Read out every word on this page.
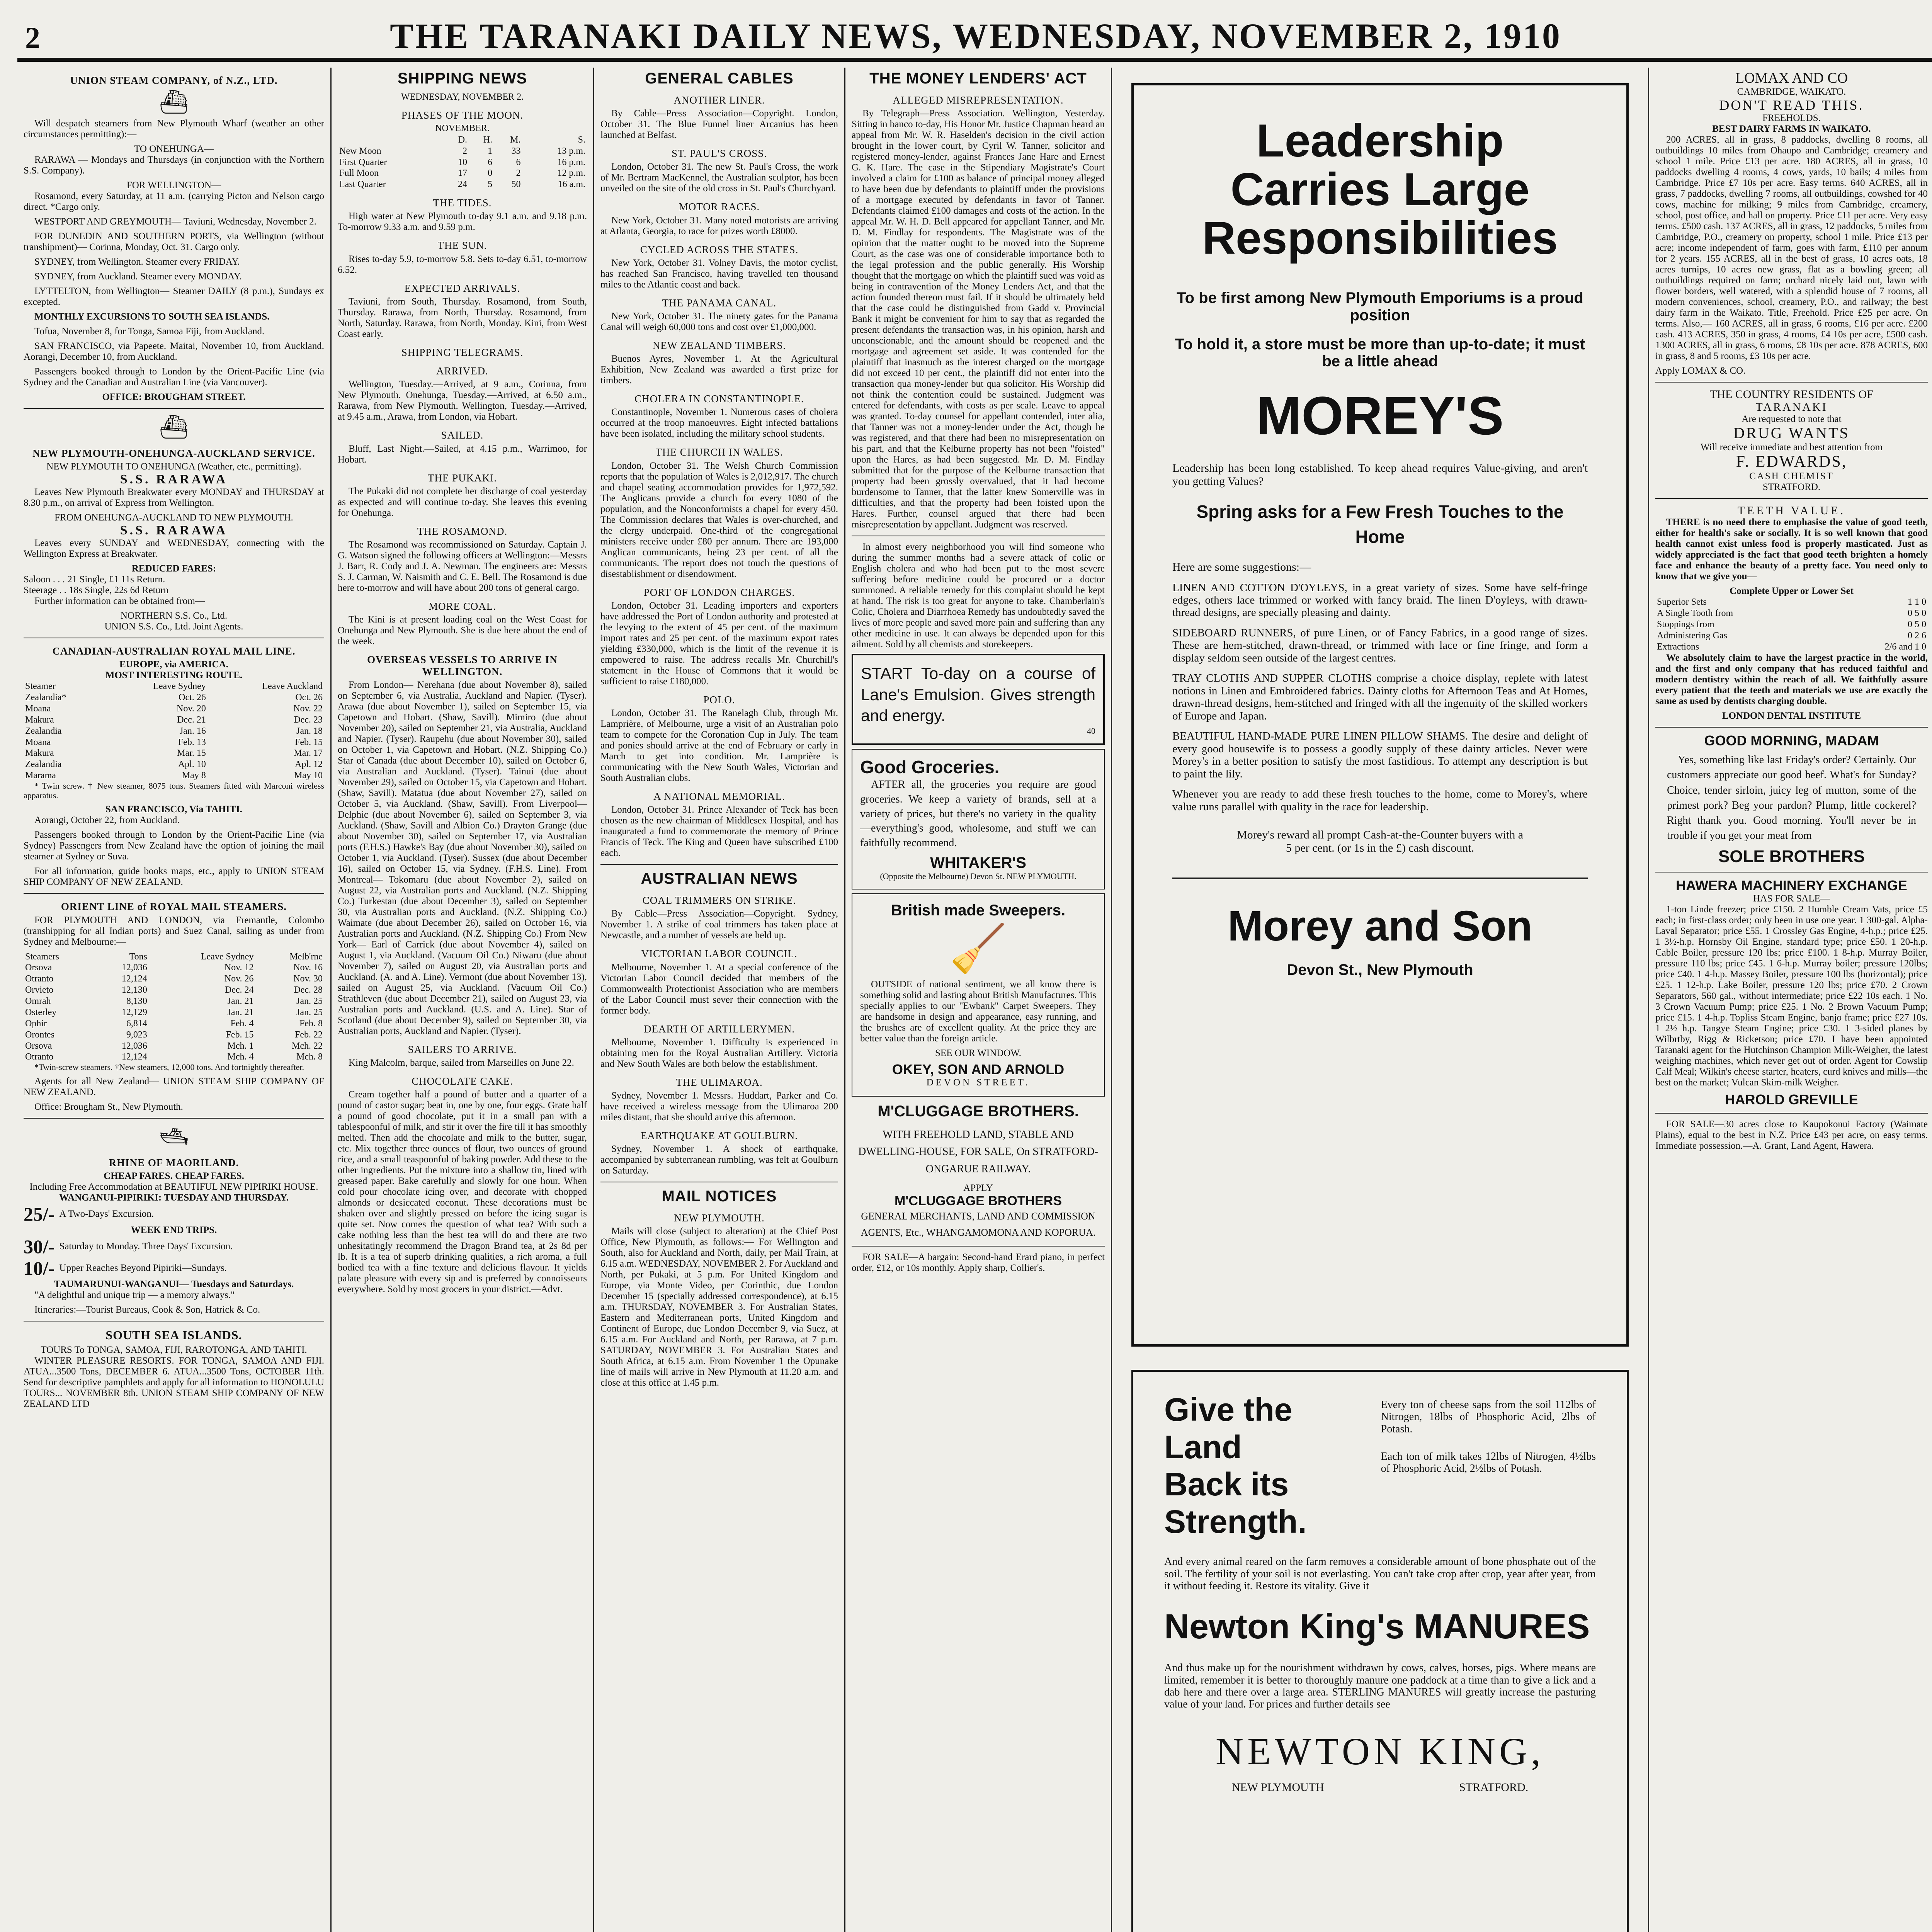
2	THE TARANAKI DAILY NEWS, WEDNESDAY, NOVEMBER 2, 1910
UNION STEAM COMPANY, of N.Z., LTD.
⛴
Will despatch steamers from New Plymouth Wharf (weather an other circumstances permitting):—
TO ONEHUNGA—
RARAWA — Mondays and Thursdays (in conjunction with the Northern S.S. Company).
FOR WELLINGTON—
Rosamond, every Saturday, at 11 a.m. (carrying Picton and Nelson cargo direct. *Cargo only.
WESTPORT AND GREYMOUTH— Taviuni, Wednesday, November 2.
FOR DUNEDIN AND SOUTHERN PORTS, via Wellington (without transhipment)— Corinna, Monday, Oct. 31. Cargo only.
SYDNEY, from Wellington. Steamer every FRIDAY.
SYDNEY, from Auckland. Steamer every MONDAY.
LYTTELTON, from Wellington— Steamer DAILY (8 p.m.), Sundays ex excepted.
MONTHLY EXCURSIONS TO SOUTH SEA ISLANDS.
Tofua, November 8, for Tonga, Samoa Fiji, from Auckland.
SAN FRANCISCO, via Papeete. Maitai, November 10, from Auckland. Aorangi, December 10, from Auckland.
Passengers booked through to London by the Orient-Pacific Line (via Sydney and the Canadian and Australian Line (via Vancouver).
OFFICE: BROUGHAM STREET.
⛴
NEW PLYMOUTH-ONEHUNGA-AUCKLAND SERVICE.
NEW PLYMOUTH TO ONEHUNGA (Weather, etc., permitting).
S.S. RARAWA
Leaves New Plymouth Breakwater every MONDAY and THURSDAY at 8.30 p.m., on arrival of Express from Wellington.
FROM ONEHUNGA-AUCKLAND TO NEW PLYMOUTH.
S.S. RARAWA
Leaves every SUNDAY and WEDNESDAY, connecting with the Wellington Express at Breakwater.
REDUCED FARES:
Saloon . . . 21 Single, £1 11s Return.
Steerage . . 18s Single, 22s 6d Return
Further information can be obtained from—
NORTHERN S.S. Co., Ltd.
UNION S.S. Co., Ltd. Joint Agents.
CANADIAN-AUSTRALIAN ROYAL MAIL LINE.
EUROPE, via AMERICA.
MOST INTERESTING ROUTE.
Steamer	Leave Sydney	Leave Auckland
Zealandia*	Oct. 26	Oct. 26
Moana	Nov. 20	Nov. 22
Makura	Dec. 21	Dec. 23
Zealandia	Jan. 16	Jan. 18
Moana	Feb. 13	Feb. 15
Makura	Mar. 15	Mar. 17
Zealandia	Apl. 10	Apl. 12
Marama	May 8	May 10
* Twin screw. † New steamer, 8075 tons. Steamers fitted with Marconi wireless apparatus.
SAN FRANCISCO, Via TAHITI.
Aorangi, October 22, from Auckland.
Passengers booked through to London by the Orient-Pacific Line (via Sydney) Passengers from New Zealand have the option of joining the mail steamer at Sydney or Suva.
For all information, guide books maps, etc., apply to UNION STEAM SHIP COMPANY OF NEW ZEALAND.
ORIENT LINE of ROYAL MAIL STEAMERS.
FOR PLYMOUTH AND LONDON, via Fremantle, Colombo (transhipping for all Indian ports) and Suez Canal, sailing as under from Sydney and Melbourne:—
Steamers	Tons	Leave Sydney	Melb'rne
Orsova	12,036	Nov. 12	Nov. 16
Otranto	12,124	Nov. 26	Nov. 30
Orvieto	12,130	Dec. 24	Dec. 28
Omrah	8,130	Jan. 21	Jan. 25
Osterley	12,129	Jan. 21	Jan. 25
Ophir	6,814	Feb. 4	Feb. 8
Orontes	9,023	Feb. 15	Feb. 22
Orsova	12,036	Mch. 1	Mch. 22
Otranto	12,124	Mch. 4	Mch. 8
*Twin-screw steamers. †New steamers, 12,000 tons. And fortnightly thereafter.
Agents for all New Zealand— UNION STEAM SHIP COMPANY OF NEW ZEALAND.
Office: Brougham St., New Plymouth.
🛥
RHINE OF MAORILAND.
CHEAP FARES. CHEAP FARES.
Including Free Accommodation at BEAUTIFUL NEW PIPIRIKI HOUSE.
WANGANUI-PIPIRIKI: TUESDAY AND THURSDAY.
25/- A Two-Days' Excursion.
WEEK END TRIPS.
30/- Saturday to Monday. Three Days' Excursion.
10/- Upper Reaches Beyond Pipiriki—Sundays.
TAUMARUNUI-WANGANUI— Tuesdays and Saturdays.
"A delightful and unique trip — a memory always."
Itineraries:—Tourist Bureaus, Cook & Son, Hatrick & Co.
SOUTH SEA ISLANDS.
TOURS To TONGA, SAMOA, FIJI, RAROTONGA, AND TAHITI.
WINTER PLEASURE RESORTS. FOR TONGA, SAMOA AND FIJI. ATUA...3500 Tons, DECEMBER 6. ATUA...3500 Tons, OCTOBER 11th. Send for descriptive pamphlets and apply for all information to HONOLULU TOURS... NOVEMBER 8th. UNION STEAM SHIP COMPANY OF NEW ZEALAND LTD
SHIPPING NEWS
WEDNESDAY, NOVEMBER 2.
PHASES OF THE MOON.
NOVEMBER.
	D.	H.	M.	S.
New Moon	2	1	33	13 p.m.
First Quarter	10	6	6	16 p.m.
Full Moon	17	0	2	12 p.m.
Last Quarter	24	5	50	16 a.m.
THE TIDES.
High water at New Plymouth to-day 9.1 a.m. and 9.18 p.m. To-morrow 9.33 a.m. and 9.59 p.m.
THE SUN.
Rises to-day 5.9, to-morrow 5.8. Sets to-day 6.51, to-morrow 6.52.
EXPECTED ARRIVALS.
Taviuni, from South, Thursday. Rosamond, from South, Thursday. Rarawa, from North, Thursday. Rosamond, from North, Saturday. Rarawa, from North, Monday. Kini, from West Coast early.
SHIPPING TELEGRAMS.
ARRIVED.
Wellington, Tuesday.—Arrived, at 9 a.m., Corinna, from New Plymouth. Onehunga, Tuesday.—Arrived, at 6.50 a.m., Rarawa, from New Plymouth. Wellington, Tuesday.—Arrived, at 9.45 a.m., Arawa, from London, via Hobart.
SAILED.
Bluff, Last Night.—Sailed, at 4.15 p.m., Warrimoo, for Hobart.
THE PUKAKI.
The Pukaki did not complete her discharge of coal yesterday as expected and will continue to-day. She leaves this evening for Onehunga.
THE ROSAMOND.
The Rosamond was recommissioned on Saturday. Captain J. G. Watson signed the following officers at Wellington:—Messrs J. Barr, R. Cody and J. A. Newman. The engineers are: Messrs S. J. Carman, W. Naismith and C. E. Bell. The Rosamond is due here to-morrow and will have about 200 tons of general cargo.
MORE COAL.
The Kini is at present loading coal on the West Coast for Onehunga and New Plymouth. She is due here about the end of the week.
OVERSEAS VESSELS TO ARRIVE IN WELLINGTON.
From London— Nerehana (due about November 8), sailed on September 6, via Australia, Auckland and Napier. (Tyser). Arawa (due about November 1), sailed on September 15, via Capetown and Hobart. (Shaw, Savill). Mimiro (due about November 20), sailed on September 21, via Australia, Auckland and Napier. (Tyser). Raupehu (due about November 30), sailed on October 1, via Capetown and Hobart. (N.Z. Shipping Co.) Star of Canada (due about December 10), sailed on October 6, via Australian and Auckland. (Tyser). Tainui (due about November 29), sailed on October 15, via Capetown and Hobart. (Shaw, Savill). Matatua (due about November 27), sailed on October 5, via Auckland. (Shaw, Savill). From Liverpool— Delphic (due about November 6), sailed on September 3, via Auckland. (Shaw, Savill and Albion Co.) Drayton Grange (due about November 30), sailed on September 17, via Australian ports (F.H.S.) Hawke's Bay (due about November 30), sailed on October 1, via Auckland. (Tyser). Sussex (due about December 16), sailed on October 15, via Sydney. (F.H.S. Line). From Montreal— Tokomaru (due about November 2), sailed on August 22, via Australian ports and Auckland. (N.Z. Shipping Co.) Turkestan (due about December 3), sailed on September 30, via Australian ports and Auckland. (N.Z. Shipping Co.) Waimate (due about December 26), sailed on October 16, via Australian ports and Auckland. (N.Z. Shipping Co.) From New York— Earl of Carrick (due about November 4), sailed on August 1, via Auckland. (Vacuum Oil Co.) Niwaru (due about November 7), sailed on August 20, via Australian ports and Auckland. (A. and A. Line). Vermont (due about November 13), sailed on August 25, via Auckland. (Vacuum Oil Co.) Strathleven (due about December 21), sailed on August 23, via Australian ports and Auckland. (U.S. and A. Line). Star of Scotland (due about December 9), sailed on September 30, via Australian ports, Auckland and Napier. (Tyser).
SAILERS TO ARRIVE.
King Malcolm, barque, sailed from Marseilles on June 22.
CHOCOLATE CAKE.
Cream together half a pound of butter and a quarter of a pound of castor sugar; beat in, one by one, four eggs. Grate half a pound of good chocolate, put it in a small pan with a tablespoonful of milk, and stir it over the fire till it has smoothly melted. Then add the chocolate and milk to the butter, sugar, etc. Mix together three ounces of flour, two ounces of ground rice, and a small teaspoonful of baking powder. Add these to the other ingredients. Put the mixture into a shallow tin, lined with greased paper. Bake carefully and slowly for one hour. When cold pour chocolate icing over, and decorate with chopped almonds or desiccated coconut. These decorations must be shaken over and slightly pressed on before the icing sugar is quite set. Now comes the question of what tea? With such a cake nothing less than the best tea will do and there are two unhesitatingly recommend the Dragon Brand tea, at 2s 8d per lb. It is a tea of superb drinking qualities, a rich aroma, a full bodied tea with a fine texture and delicious flavour. It yields palate pleasure with every sip and is preferred by connoisseurs everywhere. Sold by most grocers in your district.—Advt.
GENERAL CABLES
ANOTHER LINER.
By Cable—Press Association—Copyright. London, October 31. The Blue Funnel liner Arcanius has been launched at Belfast.
ST. PAUL'S CROSS.
London, October 31. The new St. Paul's Cross, the work of Mr. Bertram MacKennel, the Australian sculptor, has been unveiled on the site of the old cross in St. Paul's Churchyard.
MOTOR RACES.
New York, October 31. Many noted motorists are arriving at Atlanta, Georgia, to race for prizes worth £8000.
CYCLED ACROSS THE STATES.
New York, October 31. Volney Davis, the motor cyclist, has reached San Francisco, having travelled ten thousand miles to the Atlantic coast and back.
THE PANAMA CANAL.
New York, October 31. The ninety gates for the Panama Canal will weigh 60,000 tons and cost over £1,000,000.
NEW ZEALAND TIMBERS.
Buenos Ayres, November 1. At the Agricultural Exhibition, New Zealand was awarded a first prize for timbers.
CHOLERA IN CONSTANTINOPLE.
Constantinople, November 1. Numerous cases of cholera occurred at the troop manoeuvres. Eight infected battalions have been isolated, including the military school students.
THE CHURCH IN WALES.
London, October 31. The Welsh Church Commission reports that the population of Wales is 2,012,917. The church and chapel seating accommodation provides for 1,972,592. The Anglicans provide a church for every 1080 of the population, and the Nonconformists a chapel for every 450. The Commission declares that Wales is over-churched, and the clergy underpaid. One-third of the congregational ministers receive under £80 per annum. There are 193,000 Anglican communicants, being 23 per cent. of all the communicants. The report does not touch the questions of disestablishment or disendowment.
PORT OF LONDON CHARGES.
London, October 31. Leading importers and exporters have addressed the Port of London authority and protested at the levying to the extent of 45 per cent. of the maximum import rates and 25 per cent. of the maximum export rates yielding £330,000, which is the limit of the revenue it is empowered to raise. The address recalls Mr. Churchill's statement in the House of Commons that it would be sufficient to raise £180,000.
POLO.
London, October 31. The Ranelagh Club, through Mr. Lamprière, of Melbourne, urge a visit of an Australian polo team to compete for the Coronation Cup in July. The team and ponies should arrive at the end of February or early in March to get into condition. Mr. Lamprière is communicating with the New South Wales, Victorian and South Australian clubs.
A NATIONAL MEMORIAL.
London, October 31. Prince Alexander of Teck has been chosen as the new chairman of Middlesex Hospital, and has inaugurated a fund to commemorate the memory of Prince Francis of Teck. The King and Queen have subscribed £100 each.
AUSTRALIAN NEWS
COAL TRIMMERS ON STRIKE.
By Cable—Press Association—Copyright. Sydney, November 1. A strike of coal trimmers has taken place at Newcastle, and a number of vessels are held up.
VICTORIAN LABOR COUNCIL.
Melbourne, November 1. At a special conference of the Victorian Labor Council decided that members of the Commonwealth Protectionist Association who are members of the Labor Council must sever their connection with the former body.
DEARTH OF ARTILLERYMEN.
Melbourne, November 1. Difficulty is experienced in obtaining men for the Royal Australian Artillery. Victoria and New South Wales are both below the establishment.
THE ULIMAROA.
Sydney, November 1. Messrs. Huddart, Parker and Co. have received a wireless message from the Ulimaroa 200 miles distant, that she should arrive this afternoon.
EARTHQUAKE AT GOULBURN.
Sydney, November 1. A shock of earthquake, accompanied by subterranean rumbling, was felt at Goulburn on Saturday.
MAIL NOTICES
NEW PLYMOUTH.
Mails will close (subject to alteration) at the Chief Post Office, New Plymouth, as follows:— For Wellington and South, also for Auckland and North, daily, per Mail Train, at 6.15 a.m. WEDNESDAY, NOVEMBER 2. For Auckland and North, per Pukaki, at 5 p.m. For United Kingdom and Europe, via Monte Video, per Corinthic, due London December 15 (specially addressed correspondence), at 6.15 a.m. THURSDAY, NOVEMBER 3. For Australian States, Eastern and Mediterranean ports, United Kingdom and Continent of Europe, due London December 9, via Suez, at 6.15 a.m. For Auckland and North, per Rarawa, at 7 p.m. SATURDAY, NOVEMBER 3. For Australian States and South Africa, at 6.15 a.m. From November 1 the Opunake line of mails will arrive in New Plymouth at 11.20 a.m. and close at this office at 1.45 p.m.
THE MONEY LENDERS' ACT
ALLEGED MISREPRESENTATION.
By Telegraph—Press Association. Wellington, Yesterday. Sitting in banco to-day, His Honor Mr. Justice Chapman heard an appeal from Mr. W. R. Haselden's decision in the civil action brought in the lower court, by Cyril W. Tanner, solicitor and registered money-lender, against Frances Jane Hare and Ernest G. K. Hare. The case in the Stipendiary Magistrate's Court involved a claim for £100 as balance of principal money alleged to have been due by defendants to plaintiff under the provisions of a mortgage executed by defendants in favor of Tanner. Defendants claimed £100 damages and costs of the action. In the appeal Mr. W. H. D. Bell appeared for appellant Tanner, and Mr. D. M. Findlay for respondents. The Magistrate was of the opinion that the matter ought to be moved into the Supreme Court, as the case was one of considerable importance both to the legal profession and the public generally. His Worship thought that the mortgage on which the plaintiff sued was void as being in contravention of the Money Lenders Act, and that the action founded thereon must fail. If it should be ultimately held that the case could be distinguished from Gadd v. Provincial Bank it might be convenient for him to say that as regarded the present defendants the transaction was, in his opinion, harsh and unconscionable, and the amount should be reopened and the mortgage and agreement set aside. It was contended for the plaintiff that inasmuch as the interest charged on the mortgage did not exceed 10 per cent., the plaintiff did not enter into the transaction qua money-lender but qua solicitor. His Worship did not think the contention could be sustained. Judgment was entered for defendants, with costs as per scale. Leave to appeal was granted. To-day counsel for appellant contended, inter alia, that Tanner was not a money-lender under the Act, though he was registered, and that there had been no misrepresentation on his part, and that the Kelburne property has not been "foisted" upon the Hares, as had been suggested. Mr. D. M. Findlay submitted that for the purpose of the Kelburne transaction that property had been grossly overvalued, that it had become burdensome to Tanner, that the latter knew Somerville was in difficulties, and that the property had been foisted upon the Hares. Further, counsel argued that there had been misrepresentation by appellant. Judgment was reserved.
In almost every neighborhood you will find someone who during the summer months had a severe attack of colic or English cholera and who had been put to the most severe suffering before medicine could be procured or a doctor summoned. A reliable remedy for this complaint should be kept at hand. The risk is too great for anyone to take. Chamberlain's Colic, Cholera and Diarrhoea Remedy has undoubtedly saved the lives of more people and saved more pain and suffering than any other medicine in use. It can always be depended upon for this ailment. Sold by all chemists and storekeepers.
START To-day on a course of Lane's Emulsion. Gives strength and energy.
40
Good Groceries.
AFTER all, the groceries you require are good groceries. We keep a variety of brands, sell at a variety of prices, but there's no variety in the quality—everything's good, wholesome, and stuff we can faithfully recommend.
WHITAKER'S
(Opposite the Melbourne) Devon St. NEW PLYMOUTH.
British made Sweepers.
🧹
OUTSIDE of national sentiment, we all know there is something solid and lasting about British Manufactures. This specially applies to our "Ewbank" Carpet Sweepers. They are handsome in design and appearance, easy running, and the brushes are of excellent quality. At the price they are better value than the foreign article.
SEE OUR WINDOW.
OKEY, SON AND ARNOLD
DEVON STREET.
M'CLUGGAGE BROTHERS.
WITH FREEHOLD LAND, STABLE AND DWELLING-HOUSE, FOR SALE, On STRATFORD-ONGARUE RAILWAY.
APPLY
M'CLUGGAGE BROTHERS
GENERAL MERCHANTS, LAND AND COMMISSION AGENTS, Etc., WHANGAMOMONA AND KOPORUA.
FOR SALE—A bargain: Second-hand Erard piano, in perfect order, £12, or 10s monthly. Apply sharp, Collier's.
Leadership
Carries Large
Responsibilities
To be first among New Plymouth Emporiums is a proud position
To hold it, a store must be more than up-to-date; it must be a little ahead
MOREY'S
Leadership has been long established. To keep ahead requires Value-giving, and aren't you getting Values?
Spring asks for a Few Fresh Touches to the Home
Here are some suggestions:—
LINEN AND COTTON D'OYLEYS, in a great variety of sizes. Some have self-fringe edges, others lace trimmed or worked with fancy braid. The linen D'oyleys, with drawn-thread designs, are specially pleasing and dainty.
SIDEBOARD RUNNERS, of pure Linen, or of Fancy Fabrics, in a good range of sizes. These are hem-stitched, drawn-thread, or trimmed with lace or fine fringe, and form a display seldom seen outside of the largest centres.
TRAY CLOTHS AND SUPPER CLOTHS comprise a choice display, replete with latest notions in Linen and Embroidered fabrics. Dainty cloths for Afternoon Teas and At Homes, drawn-thread designs, hem-stitched and fringed with all the ingenuity of the skilled workers of Europe and Japan.
BEAUTIFUL HAND-MADE PURE LINEN PILLOW SHAMS. The desire and delight of every good housewife is to possess a goodly supply of these dainty articles. Never were Morey's in a better position to satisfy the most fastidious. To attempt any description is but to paint the lily.
Whenever you are ready to add these fresh touches to the home, come to Morey's, where value runs parallel with quality in the race for leadership.
Morey's reward all prompt Cash-at-the-Counter buyers with a 5 per cent. (or 1s in the £) cash discount.
Morey and Son
Devon St., New Plymouth
Give the Land
Back its Strength.
Every ton of cheese saps from the soil 112lbs of Nitrogen, 18lbs of Phosphoric Acid, 2lbs of Potash.
Each ton of milk takes 12lbs of Nitrogen, 4½lbs of Phosphoric Acid, 2½lbs of Potash.
And every animal reared on the farm removes a considerable amount of bone phosphate out of the soil. The fertility of your soil is not everlasting. You can't take crop after crop, year after year, from it without feeding it. Restore its vitality. Give it
Newton King's MANURES
And thus make up for the nourishment withdrawn by cows, calves, horses, pigs. Where means are limited, remember it is better to thoroughly manure one paddock at a time than to give a lick and a dab here and there over a large area. STERLING MANURES will greatly increase the pasturing value of your land. For prices and further details see
NEWTON KING,
NEW PLYMOUTH	STRATFORD.
LOMAX AND CO
CAMBRIDGE, WAIKATO.
DON'T READ THIS.
FREEHOLDS.
BEST DAIRY FARMS IN WAIKATO.
200 ACRES, all in grass, 8 paddocks, dwelling 8 rooms, all outbuildings 10 miles from Ohaupo and Cambridge; creamery and school 1 mile. Price £13 per acre. 180 ACRES, all in grass, 10 paddocks dwelling 4 rooms, 4 cows, yards, 10 bails; 4 miles from Cambridge. Price £7 10s per acre. Easy terms. 640 ACRES, all in grass, 7 paddocks, dwelling 7 rooms, all outbuildings, cowshed for 40 cows, machine for milking; 9 miles from Cambridge, creamery, school, post office, and hall on property. Price £11 per acre. Very easy terms. £500 cash. 137 ACRES, all in grass, 12 paddocks, 5 miles from Cambridge, P.O., creamery on property, school 1 mile. Price £13 per acre; income independent of farm, goes with farm, £110 per annum for 2 years. 155 ACRES, all in the best of grass, 10 acres oats, 18 acres turnips, 10 acres new grass, flat as a bowling green; all outbuildings required on farm; orchard nicely laid out, lawn with flower borders, well watered, with a splendid house of 7 rooms, all modern conveniences, school, creamery, P.O., and railway; the best dairy farm in the Waikato. Title, Freehold. Price £25 per acre. On terms. Also,— 160 ACRES, all in grass, 6 rooms, £16 per acre. £200 cash. 413 ACRES, 350 in grass, 4 rooms, £4 10s per acre, £500 cash. 1300 ACRES, all in grass, 6 rooms, £8 10s per acre. 878 ACRES, 600 in grass, 8 and 5 rooms, £3 10s per acre.
Apply LOMAX & CO.
THE COUNTRY RESIDENTS OF
TARANAKI
Are requested to note that
DRUG WANTS
Will receive immediate and best attention from
F. EDWARDS,
CASH CHEMIST
STRATFORD.
TEETH VALUE.
THERE is no need there to emphasise the value of good teeth, either for health's sake or socially. It is so well known that good health cannot exist unless food is properly masticated. Just as widely appreciated is the fact that good teeth brighten a homely face and enhance the beauty of a pretty face. You need only to know that we give you—
Complete Upper or Lower Set
Superior Sets	1 1 0
A Single Tooth from	0 5 0
Stoppings from	0 5 0
Administering Gas	0 2 6
Extractions	2/6 and 1 0
We absolutely claim to have the largest practice in the world, and the first and only company that has reduced faithful and modern dentistry within the reach of all. We faithfully assure every patient that the teeth and materials we use are exactly the same as used by dentists charging double.
LONDON DENTAL INSTITUTE
GOOD MORNING, MADAM
Yes, something like last Friday's order? Certainly. Our customers appreciate our good beef. What's for Sunday? Choice, tender sirloin, juicy leg of mutton, some of the primest pork? Beg your pardon? Plump, little cockerel? Right thank you. Good morning. You'll never be in trouble if you get your meat from
SOLE BROTHERS
HAWERA MACHINERY EXCHANGE
HAS FOR SALE—
1-ton Linde freezer; price £150. 2 Humble Cream Vats, price £5 each; in first-class order; only been in use one year. 1 300-gal. Alpha-Laval Separator; price £55. 1 Crossley Gas Engine, 4-h.p.; price £25. 1 3½-h.p. Hornsby Oil Engine, standard type; price £50. 1 20-h.p. Cable Boiler, pressure 120 lbs; price £100. 1 8-h.p. Murray Boiler, pressure 110 lbs; price £45. 1 6-h.p. Murray boiler; pressure 120lbs; price £40. 1 4-h.p. Massey Boiler, pressure 100 lbs (horizontal); price £25. 1 12-h.p. Lake Boiler, pressure 120 lbs; price £70. 2 Crown Separators, 560 gal., without intermediate; price £22 10s each. 1 No. 3 Crown Vacuum Pump; price £25. 1 No. 2 Brown Vacuum Pump; price £15. 1 4-h.p. Topliss Steam Engine, banjo frame; price £27 10s. 1 2½ h.p. Tangye Steam Engine; price £30. 1 3-sided planes by Wilbrtby, Rigg & Ricketson; price £70. I have been appointed Taranaki agent for the Hutchinson Champion Milk-Weigher, the latest weighing machines, which never get out of order. Agent for Cowslip Calf Meal; Wilkin's cheese starter, heaters, curd knives and mills—the best on the market; Vulcan Skim-milk Weigher.
HAROLD GREVILLE
FOR SALE—30 acres close to Kaupokonui Factory (Waimate Plains), equal to the best in N.Z. Price £43 per acre, on easy terms. Immediate possession.—A. Grant, Land Agent, Hawera.
